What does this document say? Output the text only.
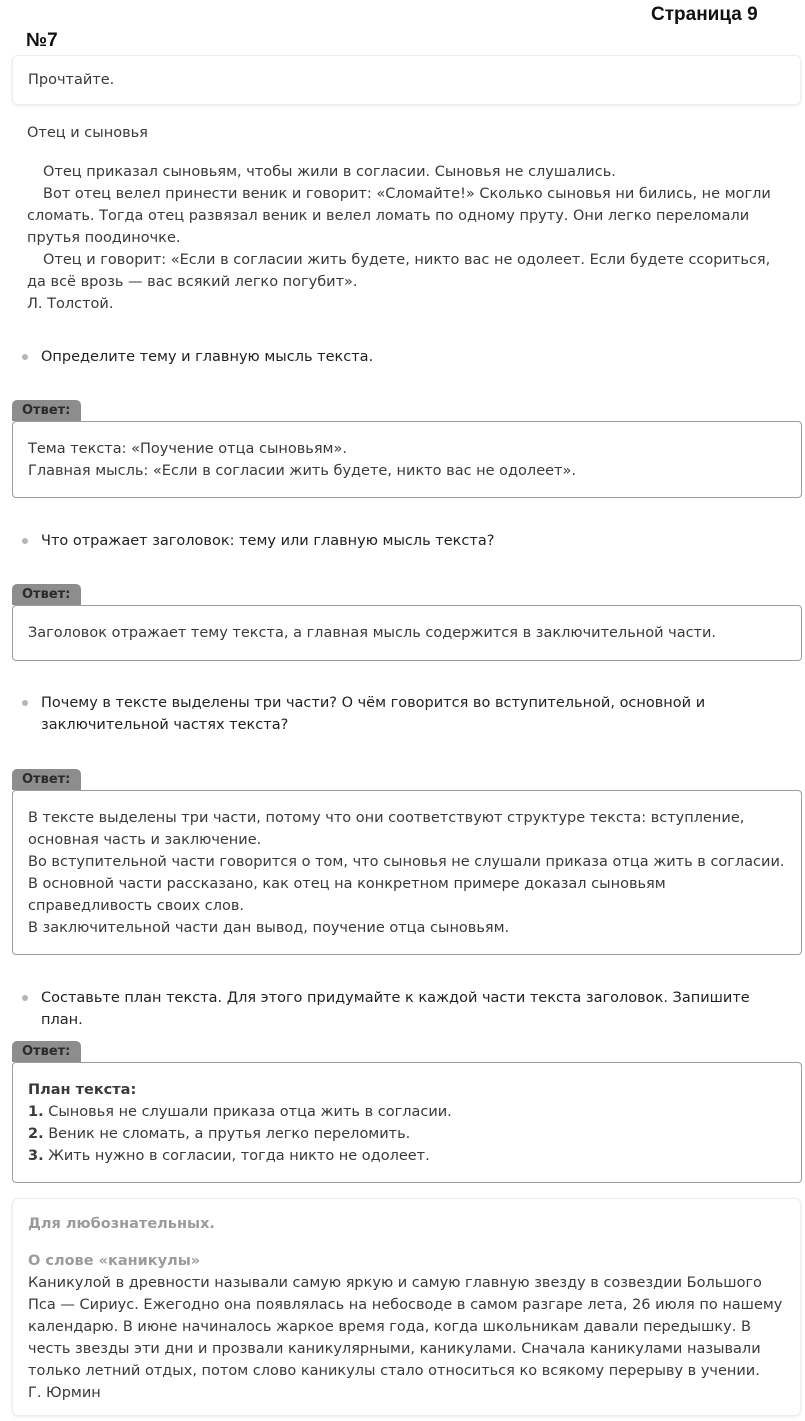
Страница 9
№7
Прочтайте.
Отец и сыновья
Отец приказал сыновьям, чтобы жили в согласии. Сыновья не слушались.
Вот отец велел принести веник и говорит: «Сломайте!» Сколько сыновья ни бились, не могли сломать. Тогда отец развязал веник и велел ломать по одному пруту. Они легко переломали прутья поодиночке.
Отец и говорит: «Если в согласии жить будете, никто вас не одолеет. Если будете ссориться, да всё врозь — вас всякий легко погубит».
Л. Толстой.
Определите тему и главную мысль текста.
Ответ:
Тема текста: «Поучение отца сыновьям».
Главная мысль: «Если в согласии жить будете, никто вас не одолеет».
Что отражает заголовок: тему или главную мысль текста?
Ответ:
Заголовок отражает тему текста, а главная мысль содержится в заключительной части.
Почему в тексте выделены три части? О чём говорится во вступительной, основной и заключительной частях текста?
Ответ:
В тексте выделены три части, потому что они соответствуют структуре текста: вступление, основная часть и заключение.
Во вступительной части говорится о том, что сыновья не слушали приказа отца жить в согласии.
В основной части рассказано, как отец на конкретном примере доказал сыновьям справедливость своих слов.
В заключительной части дан вывод, поучение отца сыновьям.
Составьте план текста. Для этого придумайте к каждой части текста заголовок. Запишите план.
Ответ:
План текста:
1. Сыновья не слушали приказа отца жить в согласии.
2. Веник не сломать, а прутья легко переломить.
3. Жить нужно в согласии, тогда никто не одолеет.
Для любознательных.
О слове «каникулы»
Каникулой в древности называли самую яркую и самую главную звезду в созвездии Большого Пса — Сириус. Ежегодно она появлялась на небосводе в самом разгаре лета, 26 июля по нашему календарю. В июне начиналось жаркое время года, когда школьникам давали передышку. В честь звезды эти дни и прозвали каникулярными, каникулами. Сначала каникулами называли только летний отдых, потом слово каникулы стало относиться ко всякому перерыву в учении.
Г. Юрмин
